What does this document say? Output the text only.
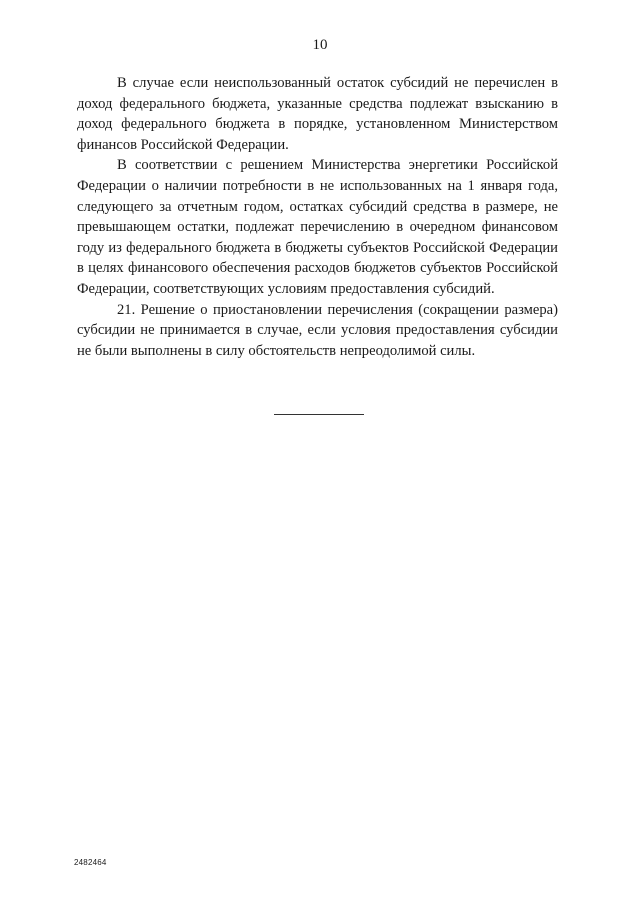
10

В случае если неиспользованный остаток субсидий не перечислен в доход федерального бюджета, указанные средства подлежат взысканию в доход федерального бюджета в порядке, установленном Министерством финансов Российской Федерации.

В соответствии с решением Министерства энергетики Российской Федерации о наличии потребности в не использованных на 1 января года, следующего за отчетным годом, остатках субсидий средства в размере, не превышающем остатки, подлежат перечислению в очередном финансовом году из федерального бюджета в бюджеты субъектов Российской Федерации в целях финансового обеспечения расходов бюджетов субъектов Российской Федерации, соответствующих условиям предоставления субсидий.

21. Решение о приостановлении перечисления (сокращении размера) субсидии не принимается в случае, если условия предоставления субсидии не были выполнены в силу обстоятельств непреодолимой силы.

2482464
